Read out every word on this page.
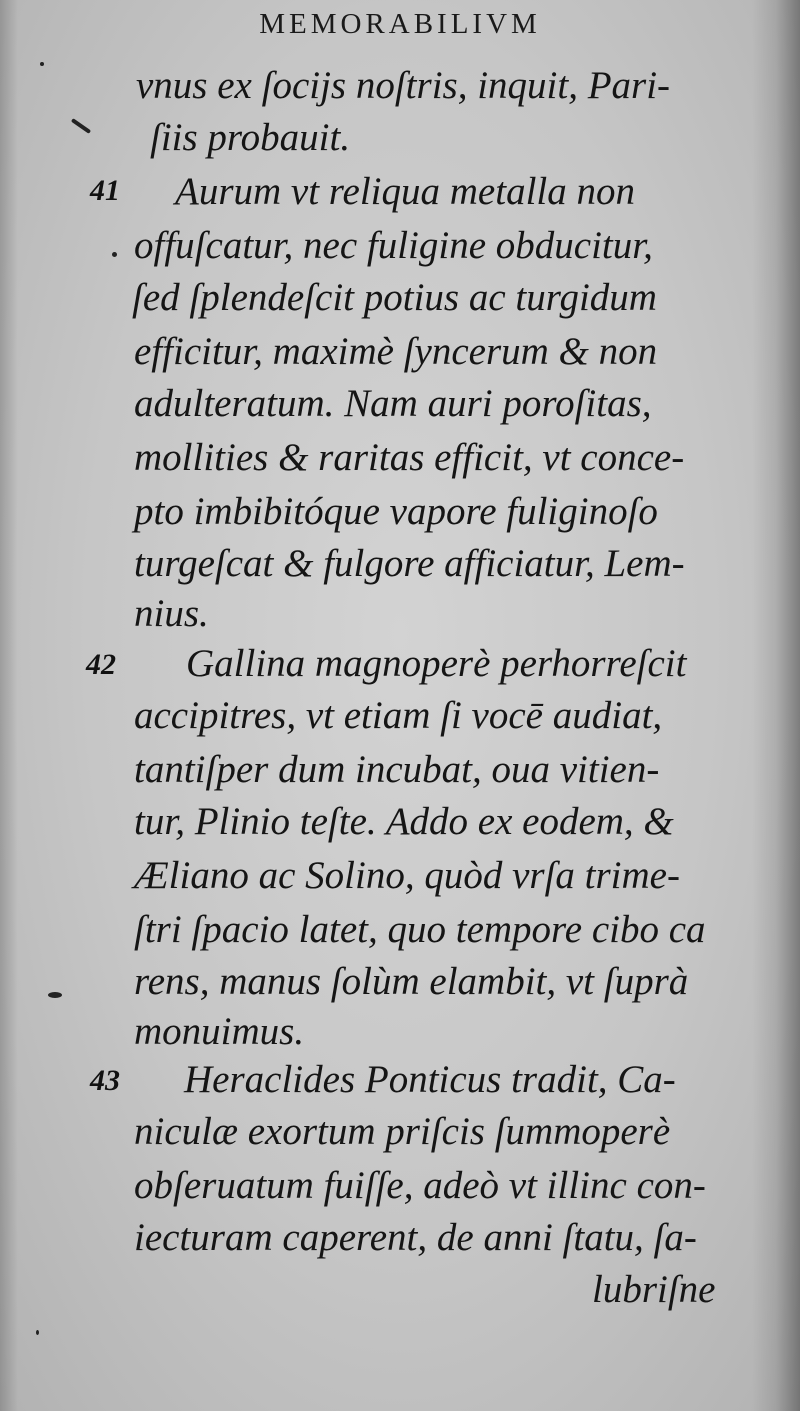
MEMORABILIVM
vnus ex ſocijs noſtris, inquit, Pari-
ſiis probauit.
41 Aurum vt reliqua metalla non
offuſcatur, nec fuligine obducitur,
ſed ſplendeſcit potius ac turgidum
efficitur, maximè ſyncerum & non
adulteratum. Nam auri poroſitas,
mollities & raritas efficit, vt conce-
pto imbibitóque vapore fuliginoſo
turgeſcat & fulgore afficiatur, Lem-
nius.
42 Gallina magnoperè perhorreſcit
accipitres, vt etiam ſi vocē audiat,
tantiſper dum incubat, oua vitien-
tur, Plinio teſte. Addo ex eodem, &
Æliano ac Solino, quòd vrſa trime-
ſtri ſpacio latet, quo tempore cibo ca
rens, manus ſolùm elambit, vt ſuprà
monuimus.
43 Heraclides Ponticus tradit, Ca-
niculæ exortum priſcis ſummoperè
obſeruatum fuiſſe, adeò vt illinc con-
iecturam caperent, de anni ſtatu, ſa-
lubriſne
